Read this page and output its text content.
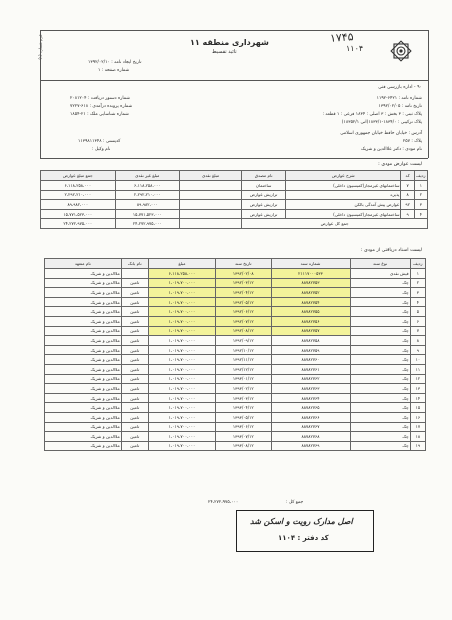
۱۷۴۵
۱۱۰۴
شهرداری منطقه ۱۱
تائید تقسیط
فرم شماره (۱)
تاریخ ایجاد نامه : ۱۳۹۲/۰۲/۱۰
شماره صفحه : ۱
۹۰ - اداره بازرسی فنی
شماره نامه : ۶۴۲۱-۱۱۹۲
شماره دستور دریافت : ۲۰۸۱۲۰۴
تاریخ نامه : ۱۳۹۲/۰۲/۰۵
شماره پرونده درآمدی : ۶۱۸-۷۲۲۷
پلاک ثبتی : ۳ بخش : ۳ اصلی : ۱۸۳۴ فرعی : ۱ قطعه :
شماره شناسایی ملک : ۲۱-۱۸۵۴
پلاک ترکیبی : ۱۸۳۴/۰-۱۸۳۳/۱(اتی ۱۸۳۵۲/۱)
آدرس : خیابان حافظ خیابان جمهوری اسلامی
پلاک : ۲۵۷
کدپستی : ۱۱۳۹۸۱۱۳۴۸
نام مودی : دکتر علاالدین و شریک
نام وکیل :
لیست عوارض مودی :
ردیف	کد	شرح عوارض	نام مصدق	مبلغ نقدی	مبلغ غیر نقدی	جمع مبلغ عوارض
۱	۷	ساختمانهای غیرمجاز(کمیسیون داخلی)	ساختمان		۶،۱۱۸،۲۵۸،۰۰۰	۶،۱۱۸،۲۵۸،۰۰۰
۲	۸	پذیره	ترازیش عوارض		۲،۲۹۲،۲۱۰،۰۰۰	۲،۲۹۲،۲۱۰،۰۰۰
۳	۹۲	عوارض پیش آمدگی بالکن	ترازیش عوارض		۸۹،۹۸۲،۰۰۰	۸۹،۹۸۲،۰۰۰
۴	۹	ساختمانهای غیرمجاز(کمیسیون داخلی)	ترازیش عوارض		۱۵،۷۷۱،۵۲۳،۰۰۰	۱۵،۷۷۱،۵۲۳،۰۰۰
جمع کل عوارض					۲۴،۲۷۲،۹۷۵،۰۰۰	۲۴،۲۷۲،۹۷۵،۰۰۰
لیست اسناد دریافتی از مودی :
ردیف	نوع سند	شماره سند	تاریخ سند	مبلغ	نام بانک	نام متعهد
۱	فیش نقدی	۲۱۱۱۷۰۰۰۵۳۳	۱۳۹۲/۰۲/۰۸	۶،۱۱۸،۲۵۸،۰۰۰		ملاالدین و شریک
۲	چک	۸۸۷۸۲۷۵۳	۱۳۹۲/۰۳/۱۲	۱،۰۱۹،۷۰۰،۰۰۰	تامین	ملاالدین و شریک
۳	چک	۸۸۷۸۲۷۵۲	۱۳۹۲/۰۴/۱۲	۱،۰۱۹،۷۰۰،۰۰۰	تامین	ملاالدین و شریک
۴	چک	۸۸۷۸۲۷۵۴	۱۳۹۲/۰۵/۱۲	۱،۰۱۹،۷۰۰،۰۰۰	تامین	ملاالدین و شریک
۵	چک	۸۸۷۸۲۷۵۵	۱۳۹۲/۰۶/۱۲	۱،۰۱۹،۷۰۰،۰۰۰	تامین	ملاالدین و شریک
۶	چک	۸۸۷۸۲۷۵۶	۱۳۹۲/۰۷/۱۲	۱،۰۱۹،۷۰۰،۰۰۰	تامین	ملاالدین و شریک
۷	چک	۸۸۷۸۲۷۵۷	۱۳۹۲/۰۸/۱۲	۱،۰۱۹،۷۰۰،۰۰۰	تامین	ملاالدین و شریک
۸	چک	۸۸۷۸۲۷۵۸	۱۳۹۲/۰۹/۱۲	۱،۰۱۹،۷۰۰،۰۰۰	تامین	ملاالدین و شریک
۹	چک	۸۸۷۸۲۷۵۹	۱۳۹۲/۱۰/۱۲	۱،۰۱۹،۷۰۰،۰۰۰	تامین	ملاالدین و شریک
۱۰	چک	۸۸۷۸۲۷۶۰	۱۳۹۲/۱۱/۱۲	۱،۰۱۹،۷۰۰،۰۰۰	تامین	ملاالدین و شریک
۱۱	چک	۸۸۷۸۲۷۶۱	۱۳۹۲/۱۲/۱۲	۱،۰۱۹،۷۰۰،۰۰۰	تامین	ملاالدین و شریک
۱۲	چک	۸۸۷۸۲۷۶۲	۱۳۹۳/۰۱/۱۲	۱،۰۱۹،۷۰۰،۰۰۰	تامین	ملاالدین و شریک
۱۳	چک	۸۸۷۸۲۷۶۳	۱۳۹۳/۰۲/۱۲	۱،۰۱۹،۷۰۰،۰۰۰	تامین	ملاالدین و شریک
۱۴	چک	۸۸۷۸۲۷۶۴	۱۳۹۳/۰۳/۱۲	۱،۰۱۹،۷۰۰،۰۰۰	تامین	ملاالدین و شریک
۱۵	چک	۸۸۷۸۲۷۶۵	۱۳۹۳/۰۴/۱۲	۱،۰۱۹،۷۰۰،۰۰۰	تامین	ملاالدین و شریک
۱۶	چک	۸۸۷۸۲۷۶۶	۱۳۹۳/۰۵/۱۲	۱،۰۱۹،۷۰۰،۰۰۰	تامین	ملاالدین و شریک
۱۷	چک	۸۸۷۸۲۷۶۷	۱۳۹۳/۰۶/۱۲	۱،۰۱۹،۷۰۰،۰۰۰	تامین	ملاالدین و شریک
۱۸	چک	۸۸۷۸۲۷۶۸	۱۳۹۳/۰۷/۱۲	۱،۰۱۹،۷۰۰،۰۰۰	تامین	ملاالدین و شریک
۱۹	چک	۸۸۷۸۲۷۶۹	۱۳۹۳/۰۸/۱۲	۱،۰۱۹،۷۰۰،۰۰۰	تامین	ملاالدین و شریک
جمع کل :
۲۴،۲۷۲،۹۷۵،۰۰۰
اصل مدارک رویت و اسکن شد
کد دفتر : ۱۱۰۴
